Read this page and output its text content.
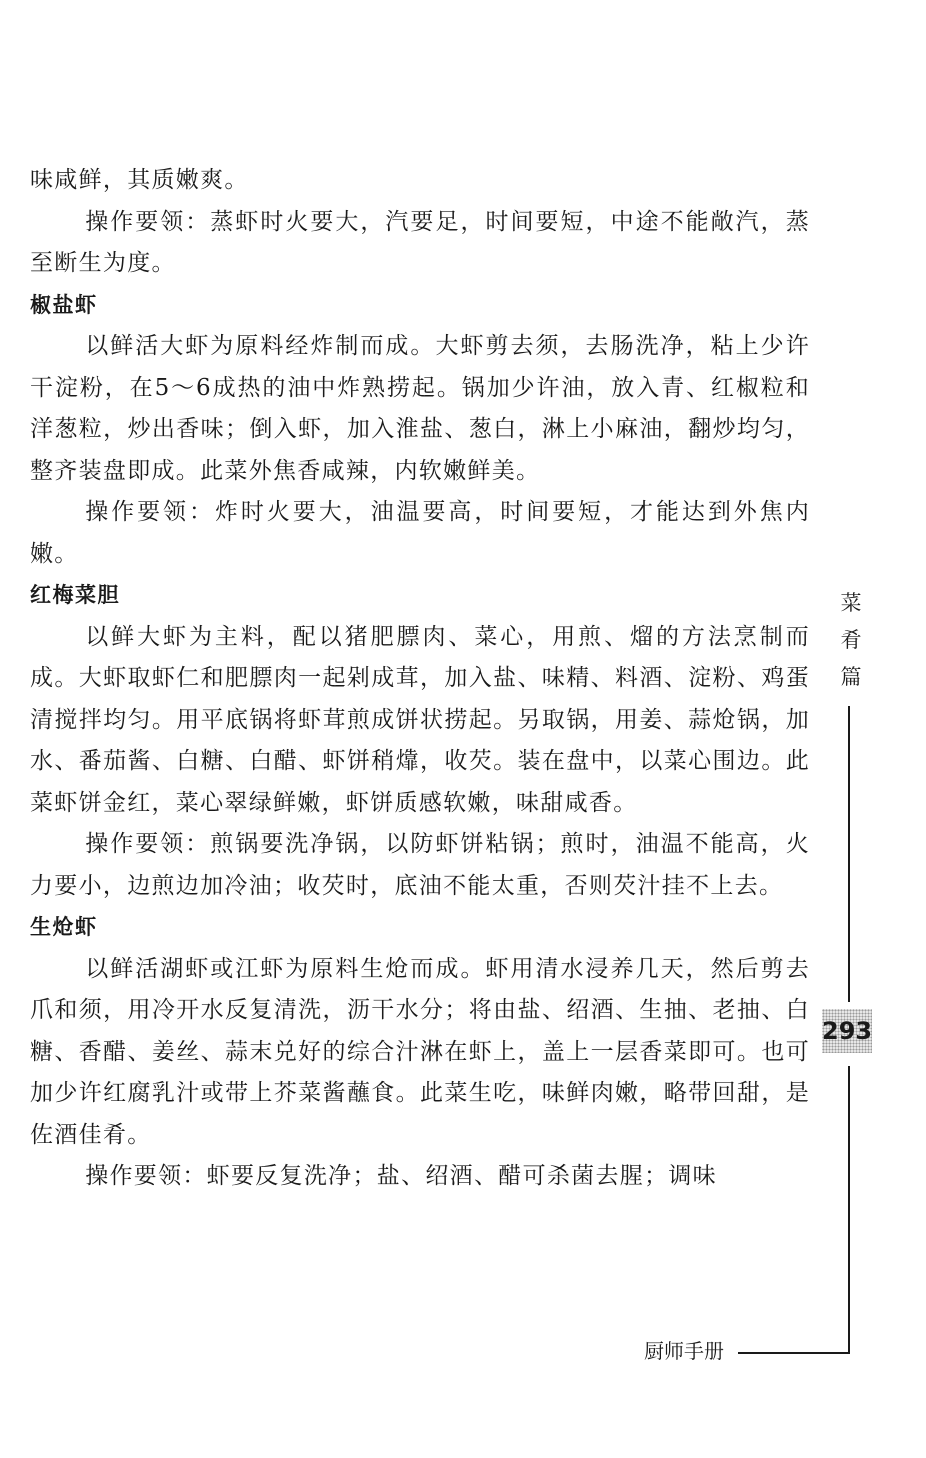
味咸鲜，其质嫩爽。

操作要领：蒸虾时火要大，汽要足，时间要短，中途不能敞汽，蒸至断生为度。

椒盐虾

以鲜活大虾为原料经炸制而成。大虾剪去须，去肠洗净，粘上少许干淀粉，在5～6成热的油中炸熟捞起。锅加少许油，放入青、红椒粒和洋葱粒，炒出香味；倒入虾，加入淮盐、葱白，淋上小麻油，翻炒均匀，整齐装盘即成。此菜外焦香咸辣，内软嫩鲜美。

操作要领：炸时火要大，油温要高，时间要短，才能达到外焦内嫩。

红梅菜胆

以鲜大虾为主料，配以猪肥膘肉、菜心，用煎、熘的方法烹制而成。大虾取虾仁和肥膘肉一起剁成茸，加入盐、味精、料酒、淀粉、鸡蛋清搅拌均匀。用平底锅将虾茸煎成饼状捞起。另取锅，用姜、蒜炝锅，加水、番茄酱、白糖、白醋、虾饼稍㸆，收芡。装在盘中，以菜心围边。此菜虾饼金红，菜心翠绿鲜嫩，虾饼质感软嫩，味甜咸香。

操作要领：煎锅要洗净锅，以防虾饼粘锅；煎时，油温不能高，火力要小，边煎边加冷油；收芡时，底油不能太重，否则芡汁挂不上去。

生炝虾

以鲜活湖虾或江虾为原料生炝而成。虾用清水浸养几天，然后剪去爪和须，用冷开水反复清洗，沥干水分；将由盐、绍酒、生抽、老抽、白糖、香醋、姜丝、蒜末兑好的综合汁淋在虾上，盖上一层香菜即可。也可加少许红腐乳汁或带上芥菜酱蘸食。此菜生吃，味鲜肉嫩，略带回甜，是佐酒佳肴。

操作要领：虾要反复洗净；盐、绍酒、醋可杀菌去腥；调味

菜
肴
篇
293
厨师手册
